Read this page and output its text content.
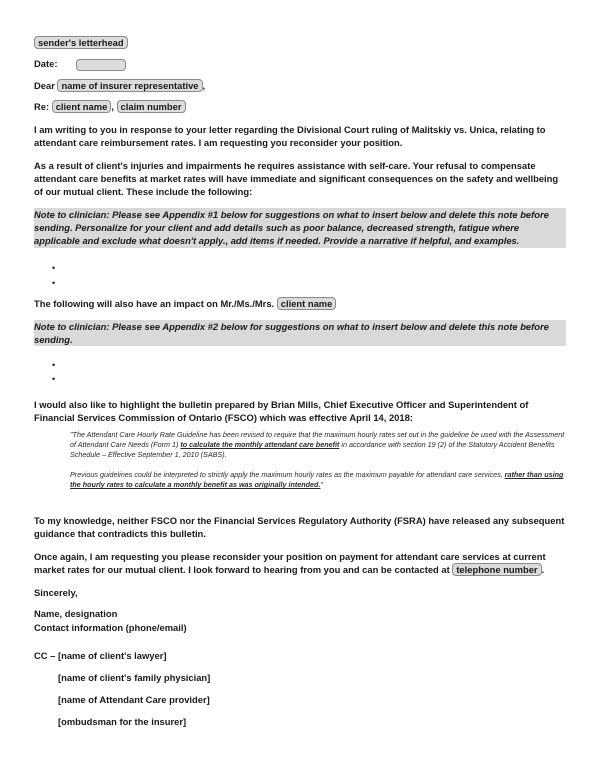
sender's letterhead
Date:
Dear name of insurer representative ,
Re: client name , claim number
I am writing to you in response to your letter regarding the Divisional Court ruling of Malitskiy vs. Unica, relating to attendant care reimbursement rates. I am requesting you reconsider your position.
As a result of client's injuries and impairments he requires assistance with self-care. Your refusal to compensate attendant care benefits at market rates will have immediate and significant consequences on the safety and wellbeing of our mutual client. These include the following:
Note to clinician: Please see Appendix #1 below for suggestions on what to insert below and delete this note before sending. Personalize for your client and add details such as poor balance, decreased strength, fatigue where applicable and exclude what doesn't apply., add items if needed. Provide a narrative if helpful, and examples.
•
•
The following will also have an impact on Mr./Ms./Mrs. client name
Note to clinician: Please see Appendix #2 below for suggestions on what to insert below and delete this note before sending.
•
•
I would also like to highlight the bulletin prepared by Brian Mills, Chief Executive Officer and Superintendent of Financial Services Commission of Ontario (FSCO) which was effective April 14, 2018:
"The Attendant Care Hourly Rate Guideline has been revised to require that the maximum hourly rates set out in the guideline be used with the Assessment of Attendant Care Needs (Form 1) to calculate the monthly attendant care benefit in accordance with section 19 (2) of the Statutory Accident Benefits Schedule – Effective September 1, 2010 (SABS).
Previous guidelines could be interpreted to strictly apply the maximum hourly rates as the maximum payable for attendant care services, rather than using the hourly rates to calculate a monthly benefit as was originally intended."
To my knowledge, neither FSCO nor the Financial Services Regulatory Authority (FSRA) have released any subsequent guidance that contradicts this bulletin.
Once again, I am requesting you please reconsider your position on payment for attendant care services at current market rates for our mutual client. I look forward to hearing from you and can be contacted at telephone number .
Sincerely,
Name, designation
Contact information (phone/email)
CC – [name of client's lawyer]
[name of client's family physician]
[name of Attendant Care provider]
[ombudsman for the insurer]
